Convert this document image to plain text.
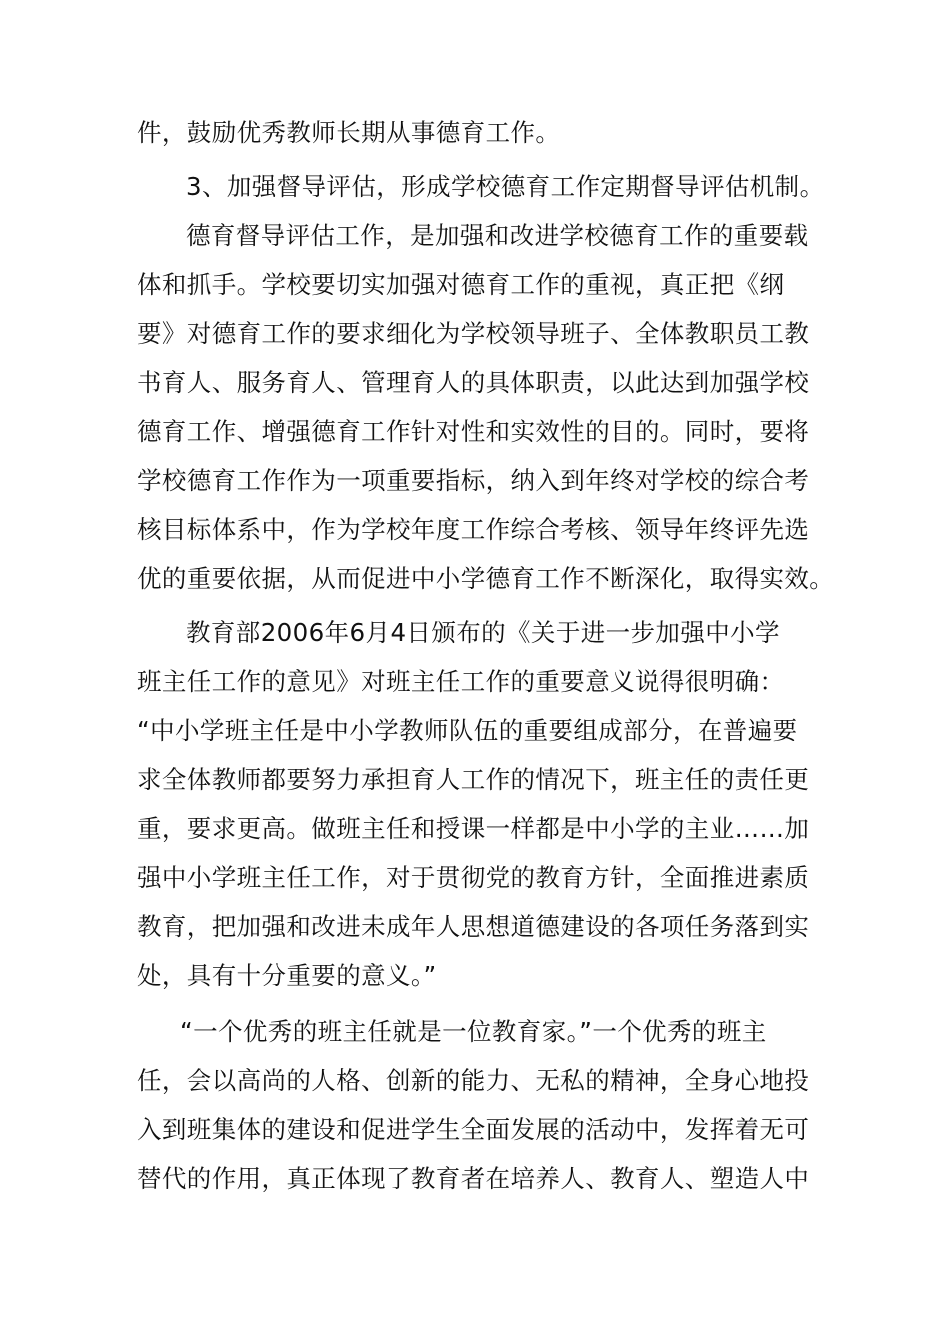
件，鼓励优秀教师长期从事德育工作。
3、加强督导评估，形成学校德育工作定期督导评估机制。
德育督导评估工作，是加强和改进学校德育工作的重要载
体和抓手。学校要切实加强对德育工作的重视，真正把《纲
要》对德育工作的要求细化为学校领导班子、全体教职员工教
书育人、服务育人、管理育人的具体职责，以此达到加强学校
德育工作、增强德育工作针对性和实效性的目的。同时，要将
学校德育工作作为一项重要指标，纳入到年终对学校的综合考
核目标体系中，作为学校年度工作综合考核、领导年终评先选
优的重要依据，从而促进中小学德育工作不断深化，取得实效。
教育部2006年6月4日颁布的《关于进一步加强中小学
班主任工作的意见》对班主任工作的重要意义说得很明确：
“中小学班主任是中小学教师队伍的重要组成部分，在普遍要
求全体教师都要努力承担育人工作的情况下，班主任的责任更
重，要求更高。做班主任和授课一样都是中小学的主业……加
强中小学班主任工作，对于贯彻党的教育方针，全面推进素质
教育，把加强和改进未成年人思想道德建设的各项任务落到实
处，具有十分重要的意义。”
“一个优秀的班主任就是一位教育家。”一个优秀的班主
任，会以高尚的人格、创新的能力、无私的精神，全身心地投
入到班集体的建设和促进学生全面发展的活动中，发挥着无可
替代的作用，真正体现了教育者在培养人、教育人、塑造人中
